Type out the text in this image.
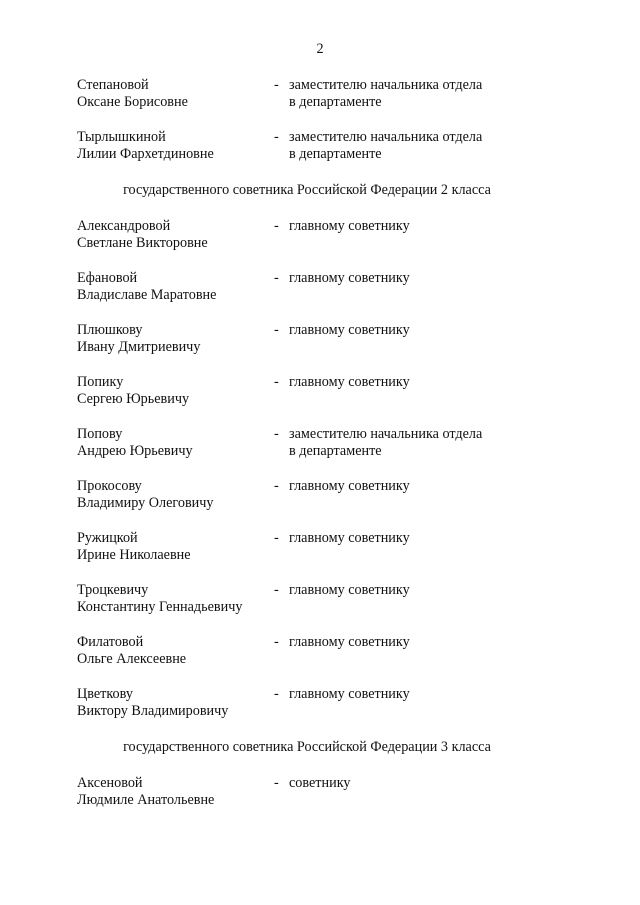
2
Степановой
Оксане Борисовне
- заместителю начальника отдела
в департаменте
Тырлышкиной
Лилии Фархетдиновне
- заместителю начальника отдела
в департаменте
государственного советника Российской Федерации 2 класса
Александровой
Светлане Викторовне
- главному советнику
Ефановой
Владиславе Маратовне
- главному советнику
Плюшкову
Ивану Дмитриевичу
- главному советнику
Попику
Сергею Юрьевичу
- главному советнику
Попову
Андрею Юрьевичу
- заместителю начальника отдела
в департаменте
Прокосову
Владимиру Олеговичу
- главному советнику
Ружицкой
Ирине Николаевне
- главному советнику
Троцкевичу
Константину Геннадьевичу
- главному советнику
Филатовой
Ольге Алексеевне
- главному советнику
Цветкову
Виктору Владимировичу
- главному советнику
государственного советника Российской Федерации 3 класса
Аксеновой
Людмиле Анатольевне
- советнику
